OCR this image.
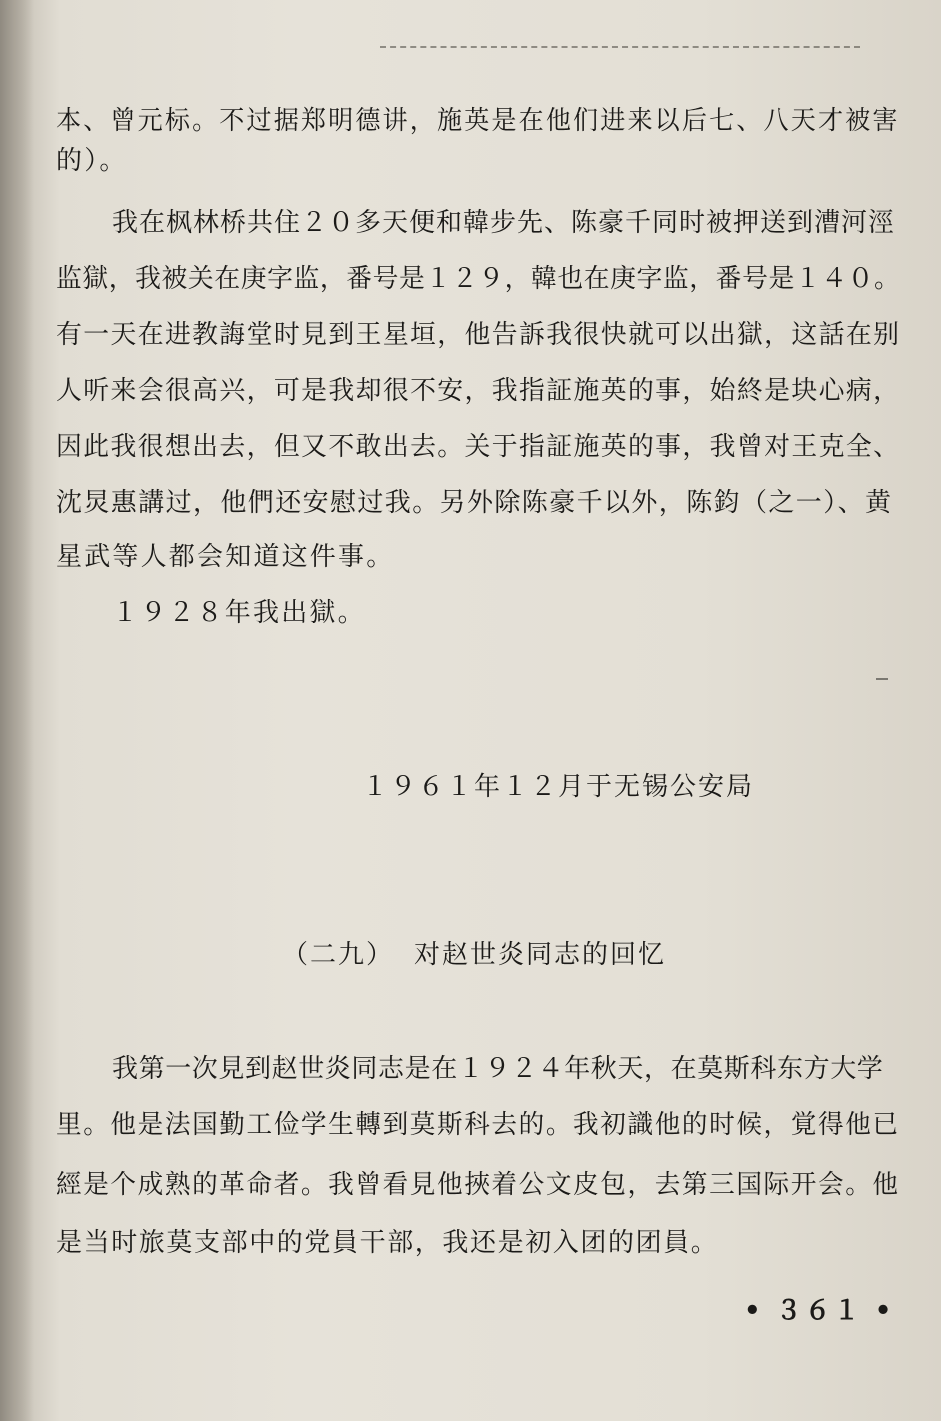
本、曾元标。不过据郑明德讲，施英是在他们进来以后七、八天才被害
的）。
我在枫林桥共住２０多天便和韓步先、陈豪千同时被押送到漕河涇
监獄，我被关在庚字监，番号是１２９，韓也在庚字监，番号是１４０。
有一天在进教誨堂时見到王星垣，他告訴我很快就可以出獄，这話在别
人听来会很高兴，可是我却很不安，我指証施英的事，始終是块心病，
因此我很想出去，但又不敢出去。关于指証施英的事，我曾对王克全、
沈炅惠講过，他們还安慰过我。另外除陈豪千以外，陈鈞（之一）、黄
星武等人都会知道这件事。
１９２８年我出獄。
１９６１年１２月于无锡公安局
（二九） 对赵世炎同志的回忆
我第一次見到赵世炎同志是在１９２４年秋天，在莫斯科东方大学
里。他是法国勤工俭学生轉到莫斯科去的。我初識他的时候，覚得他已
經是个成熟的革命者。我曾看見他挾着公文皮包，去第三国际开会。他
是当时旅莫支部中的党員干部，我还是初入团的团員。
• ３６１ •
